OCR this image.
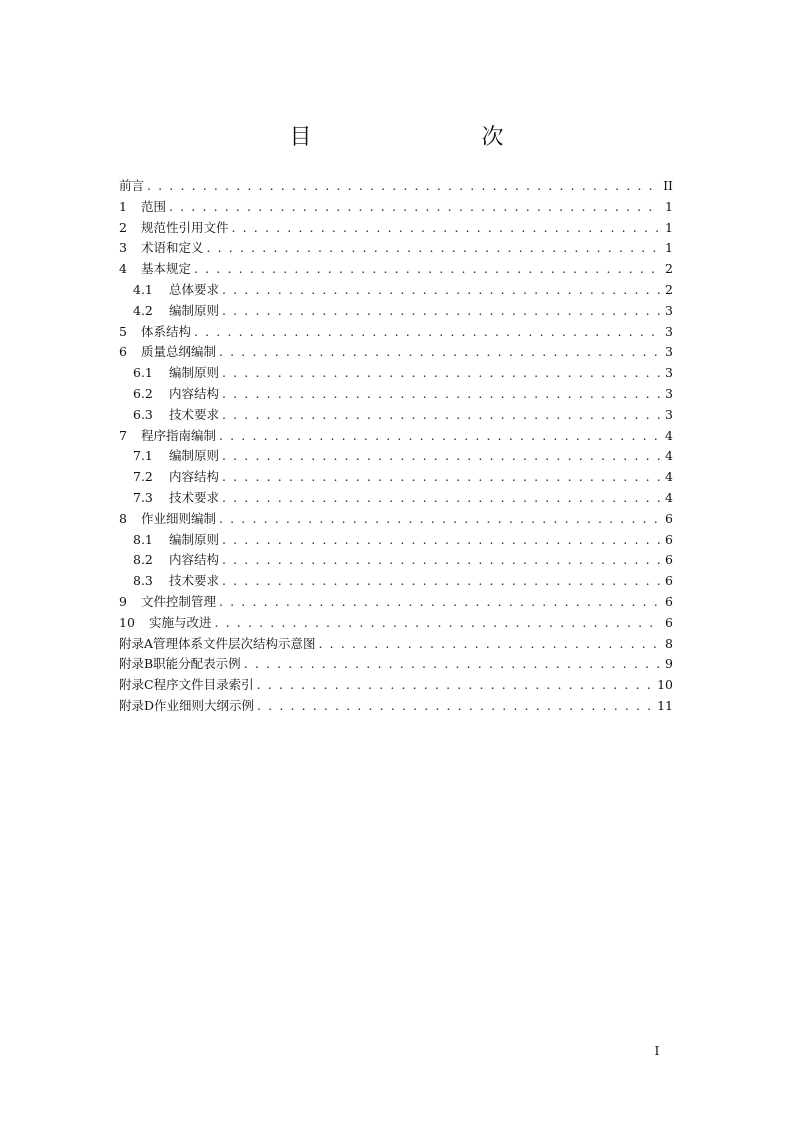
目　　次
前言 . . .	II
1	范围 . . .	1
2	规范性引用文件 . . .	1
3	术语和定义 . . .	1
4	基本规定 . . .	2
4.1	总体要求 . . .	2
4.2	编制原则 . . .	3
5	体系结构 . . .	3
6	质量总纲编制 . . .	3
6.1	编制原则 . . .	3
6.2	内容结构 . . .	3
6.3	技术要求 . . .	3
7	程序指南编制 . . .	4
7.1	编制原则 . . .	4
7.2	内容结构 . . .	4
7.3	技术要求 . . .	4
8	作业细则编制 . . .	6
8.1	编制原则 . . .	6
8.2	内容结构 . . .	6
8.3	技术要求 . . .	6
9	文件控制管理 . . .	6
10	实施与改进 . . .	6
附录A管理体系文件层次结构示意图 . . .	8
附录B职能分配表示例 . . .	9
附录C程序文件目录索引 . . .	10
附录D作业细则大纲示例 . . .	11
I
